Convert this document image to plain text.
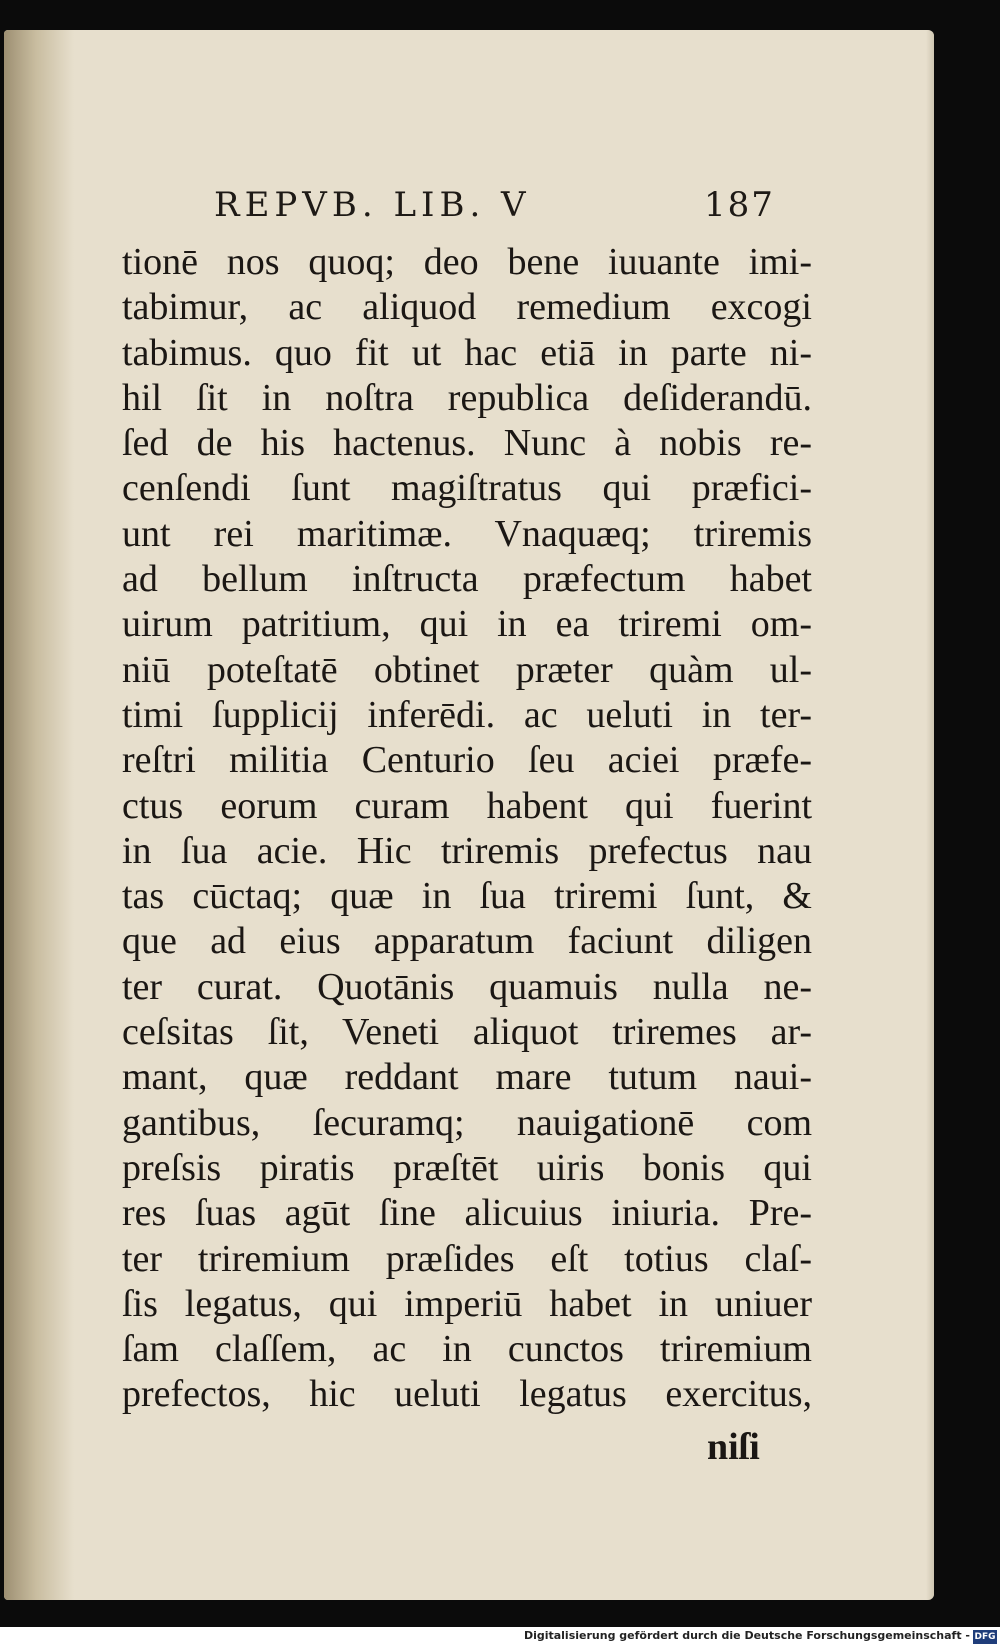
REPVB. LIB. V	187
tionē nos quoq; deo bene iuuante imi-
tabimur, ac aliquod remedium excogi
tabimus. quo fit ut hac etiā in parte ni-
hil ſit in noſtra republica deſiderandū.
ſed de his hactenus. Nunc à nobis re-
cenſendi ſunt magiſtratus qui præfici-
unt rei maritimæ. Vnaquæq; triremis
ad bellum inſtructa præfectum habet
uirum patritium, qui in ea triremi om-
niū poteſtatē obtinet præter quàm ul-
timi ſupplicij inferēdi. ac ueluti in ter-
reſtri militia Centurio ſeu aciei præfe-
ctus eorum curam habent qui fuerint
in ſua acie. Hic triremis prefectus nau
tas cūctaq; quæ in ſua triremi ſunt, &
que ad eius apparatum faciunt diligen
ter curat. Quotānis quamuis nulla ne-
ceſsitas ſit, Veneti aliquot triremes ar-
mant, quæ reddant mare tutum naui-
gantibus, ſecuramq; nauigationē com
preſsis piratis præſtēt uiris bonis qui
res ſuas agūt ſine alicuius iniuria. Pre-
ter triremium præſides eſt totius claſ-
ſis legatus, qui imperiū habet in uniuer
ſam claſſem, ac in cunctos triremium
prefectos, hic ueluti legatus exercitus,
niſi
Digitalisierung gefördert durch die Deutsche Forschungsgemeinschaft - DFG
